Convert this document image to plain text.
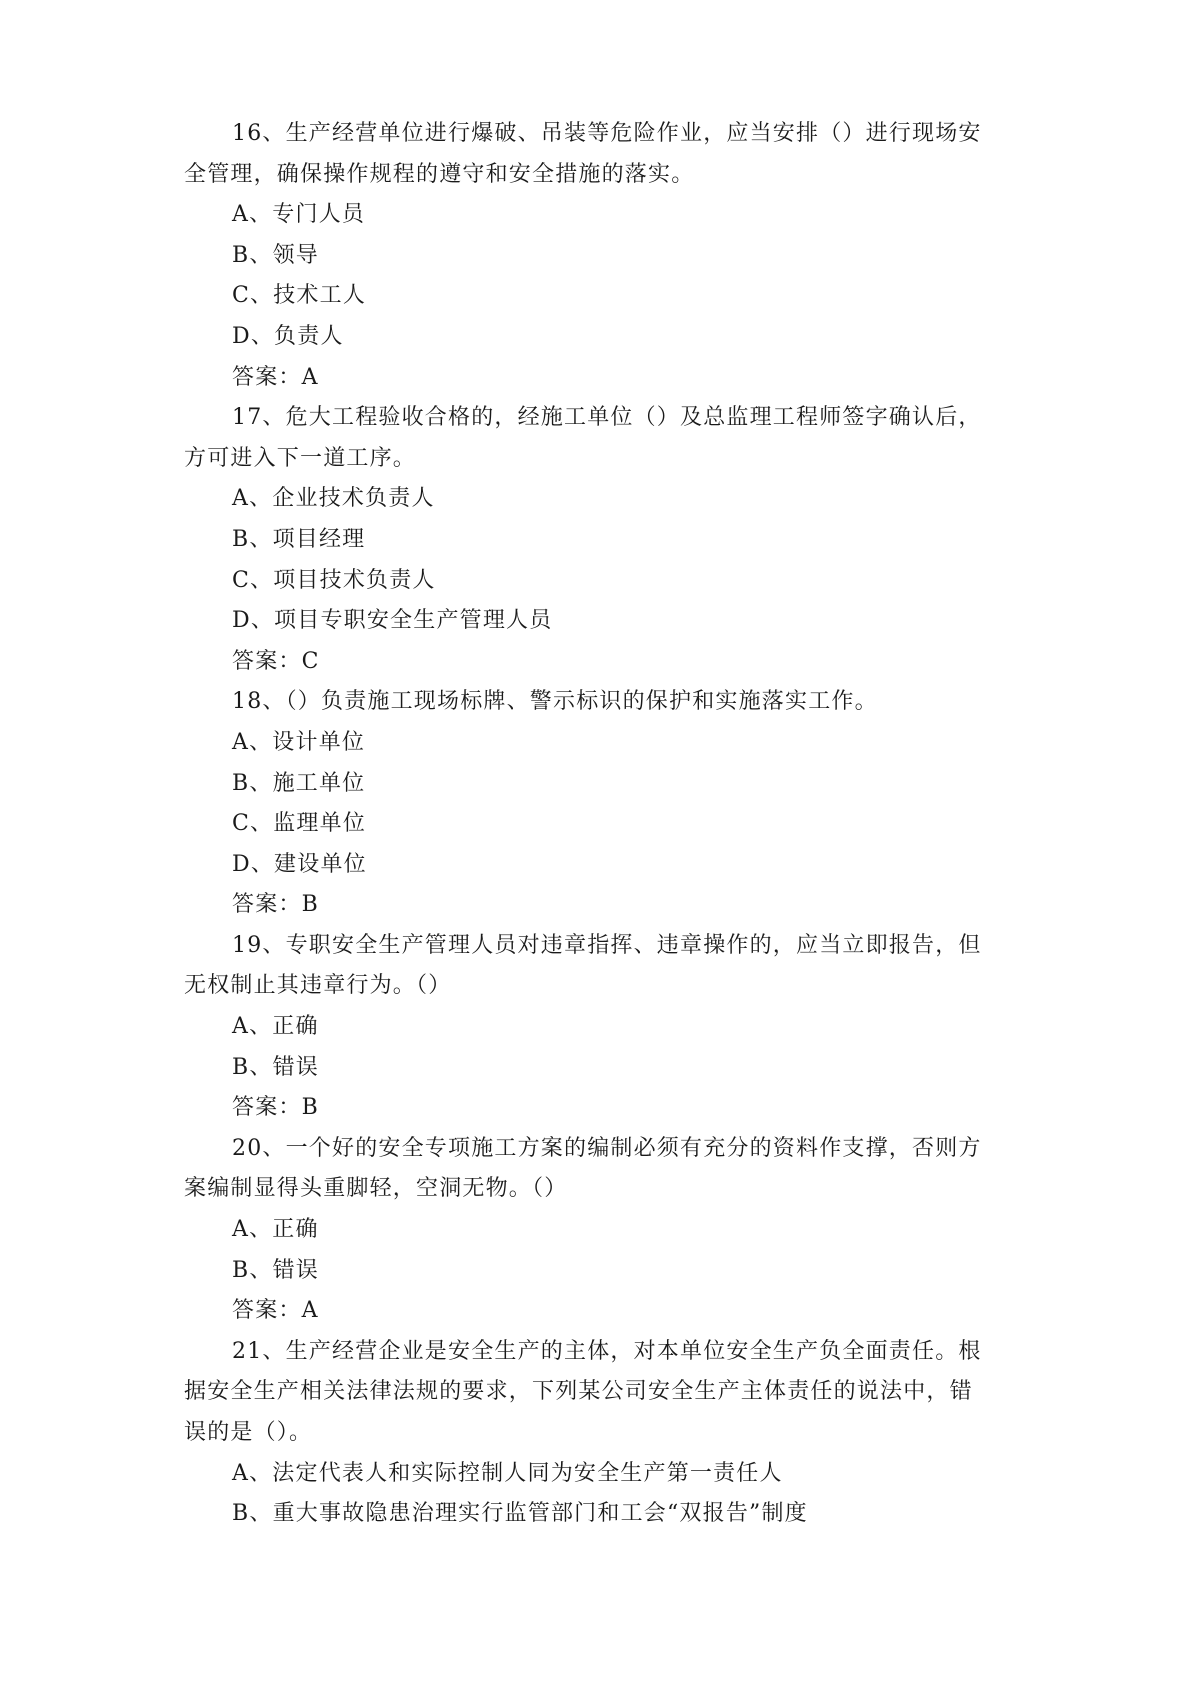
16、生产经营单位进行爆破、吊装等危险作业，应当安排（）进行现场安
全管理，确保操作规程的遵守和安全措施的落实。
A、专门人员
B、领导
C、技术工人
D、负责人
答案：A
17、危大工程验收合格的，经施工单位（）及总监理工程师签字确认后，
方可进入下一道工序。
A、企业技术负责人
B、项目经理
C、项目技术负责人
D、项目专职安全生产管理人员
答案：C
18、（）负责施工现场标牌、警示标识的保护和实施落实工作。
A、设计单位
B、施工单位
C、监理单位
D、建设单位
答案：B
19、专职安全生产管理人员对违章指挥、违章操作的，应当立即报告，但
无权制止其违章行为。（）
A、正确
B、错误
答案：B
20、一个好的安全专项施工方案的编制必须有充分的资料作支撑，否则方
案编制显得头重脚轻，空洞无物。（）
A、正确
B、错误
答案：A
21、生产经营企业是安全生产的主体，对本单位安全生产负全面责任。根
据安全生产相关法律法规的要求，下列某公司安全生产主体责任的说法中，错
误的是（）。
A、法定代表人和实际控制人同为安全生产第一责任人
B、重大事故隐患治理实行监管部门和工会“双报告”制度
